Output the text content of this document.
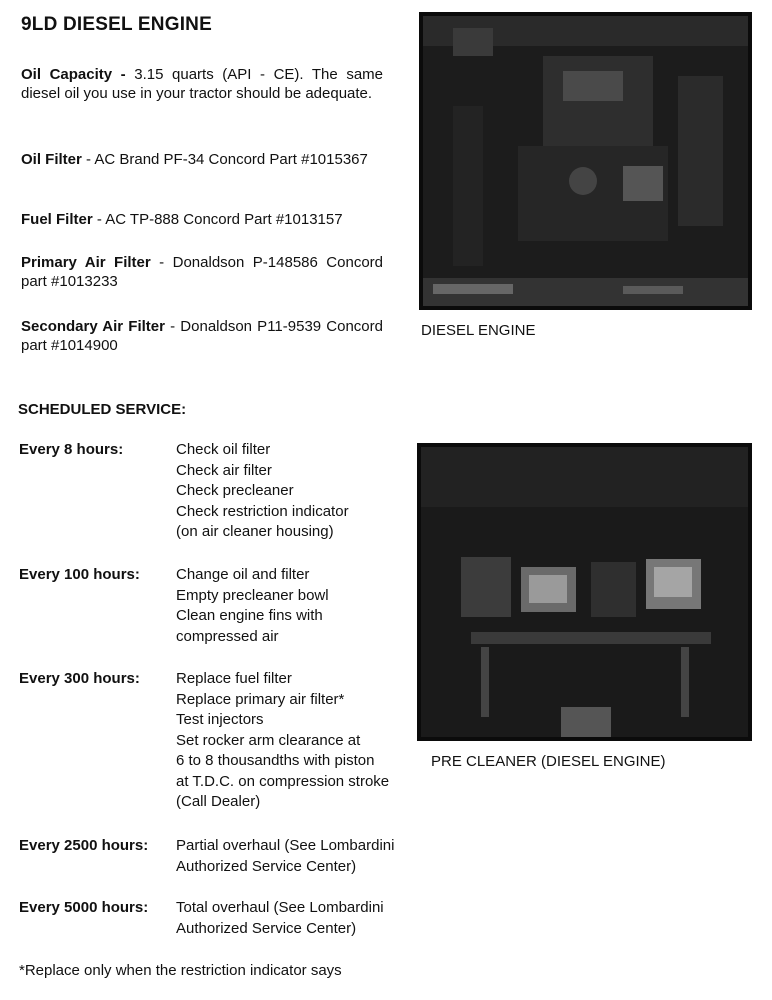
9LD DIESEL ENGINE
Oil Capacity - 3.15 quarts (API - CE). The same diesel oil you use in your tractor should be adequate.
Oil Filter - AC Brand PF-34 Concord Part #1015367
Fuel Filter - AC TP-888 Concord Part #1013157
Primary Air Filter - Donaldson P-148586 Concord part #1013233
Secondary Air Filter - Donaldson P11-9539 Concord part #1014900
SCHEDULED SERVICE:
Every 8 hours:	Check oil filter
Check air filter
Check precleaner
Check restriction indicator
(on air cleaner housing)
Every 100 hours: Change oil and filter
Empty precleaner bowl
Clean engine fins with
compressed air
Every 300 hours: Replace fuel filter
Replace primary air filter*
Test injectors
Set rocker arm clearance at
6 to 8 thousandths with piston
at T.D.C. on compression stroke
(Call Dealer)
Every 2500 hours: Partial overhaul (See Lombardini
Authorized Service Center)
Every 5000 hours: Total overhaul (See Lombardini
Authorized Service Center)
*Replace only when the restriction indicator says
DIESEL ENGINE
PRE CLEANER (DIESEL ENGINE)
